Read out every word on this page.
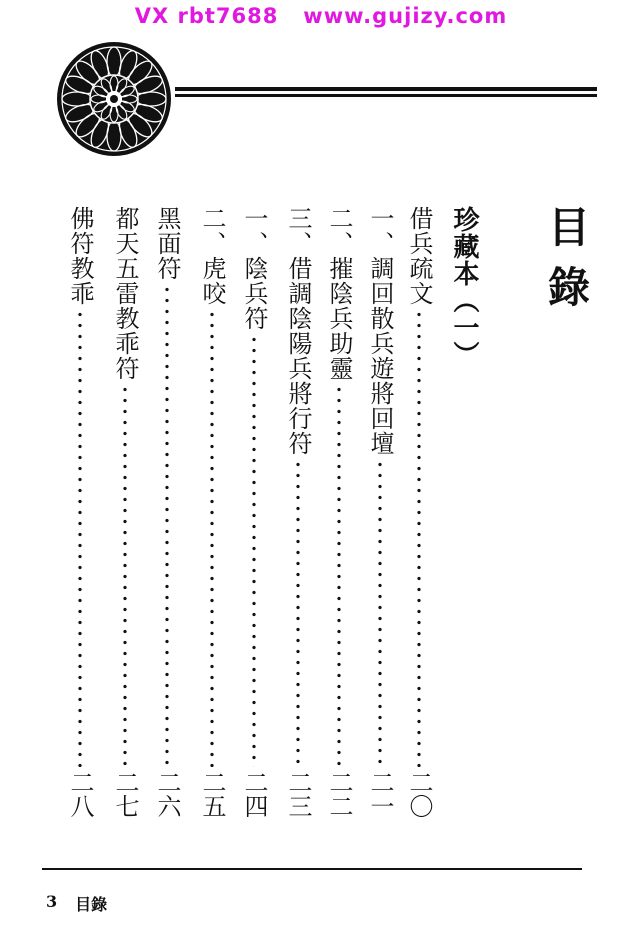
VX rbt7688   www.gujizy.com
目
錄
借兵疏文
二〇
珍藏本（一）
一、調回散兵遊將回壇
二一
二、摧陰兵助靈
二二
三、借調陰陽兵將行符
二三
一、陰兵符
二四
二、虎咬
二五
黑面符
二六
都天五雷教乖符
二七
佛符教乖
二八
3 目錄
